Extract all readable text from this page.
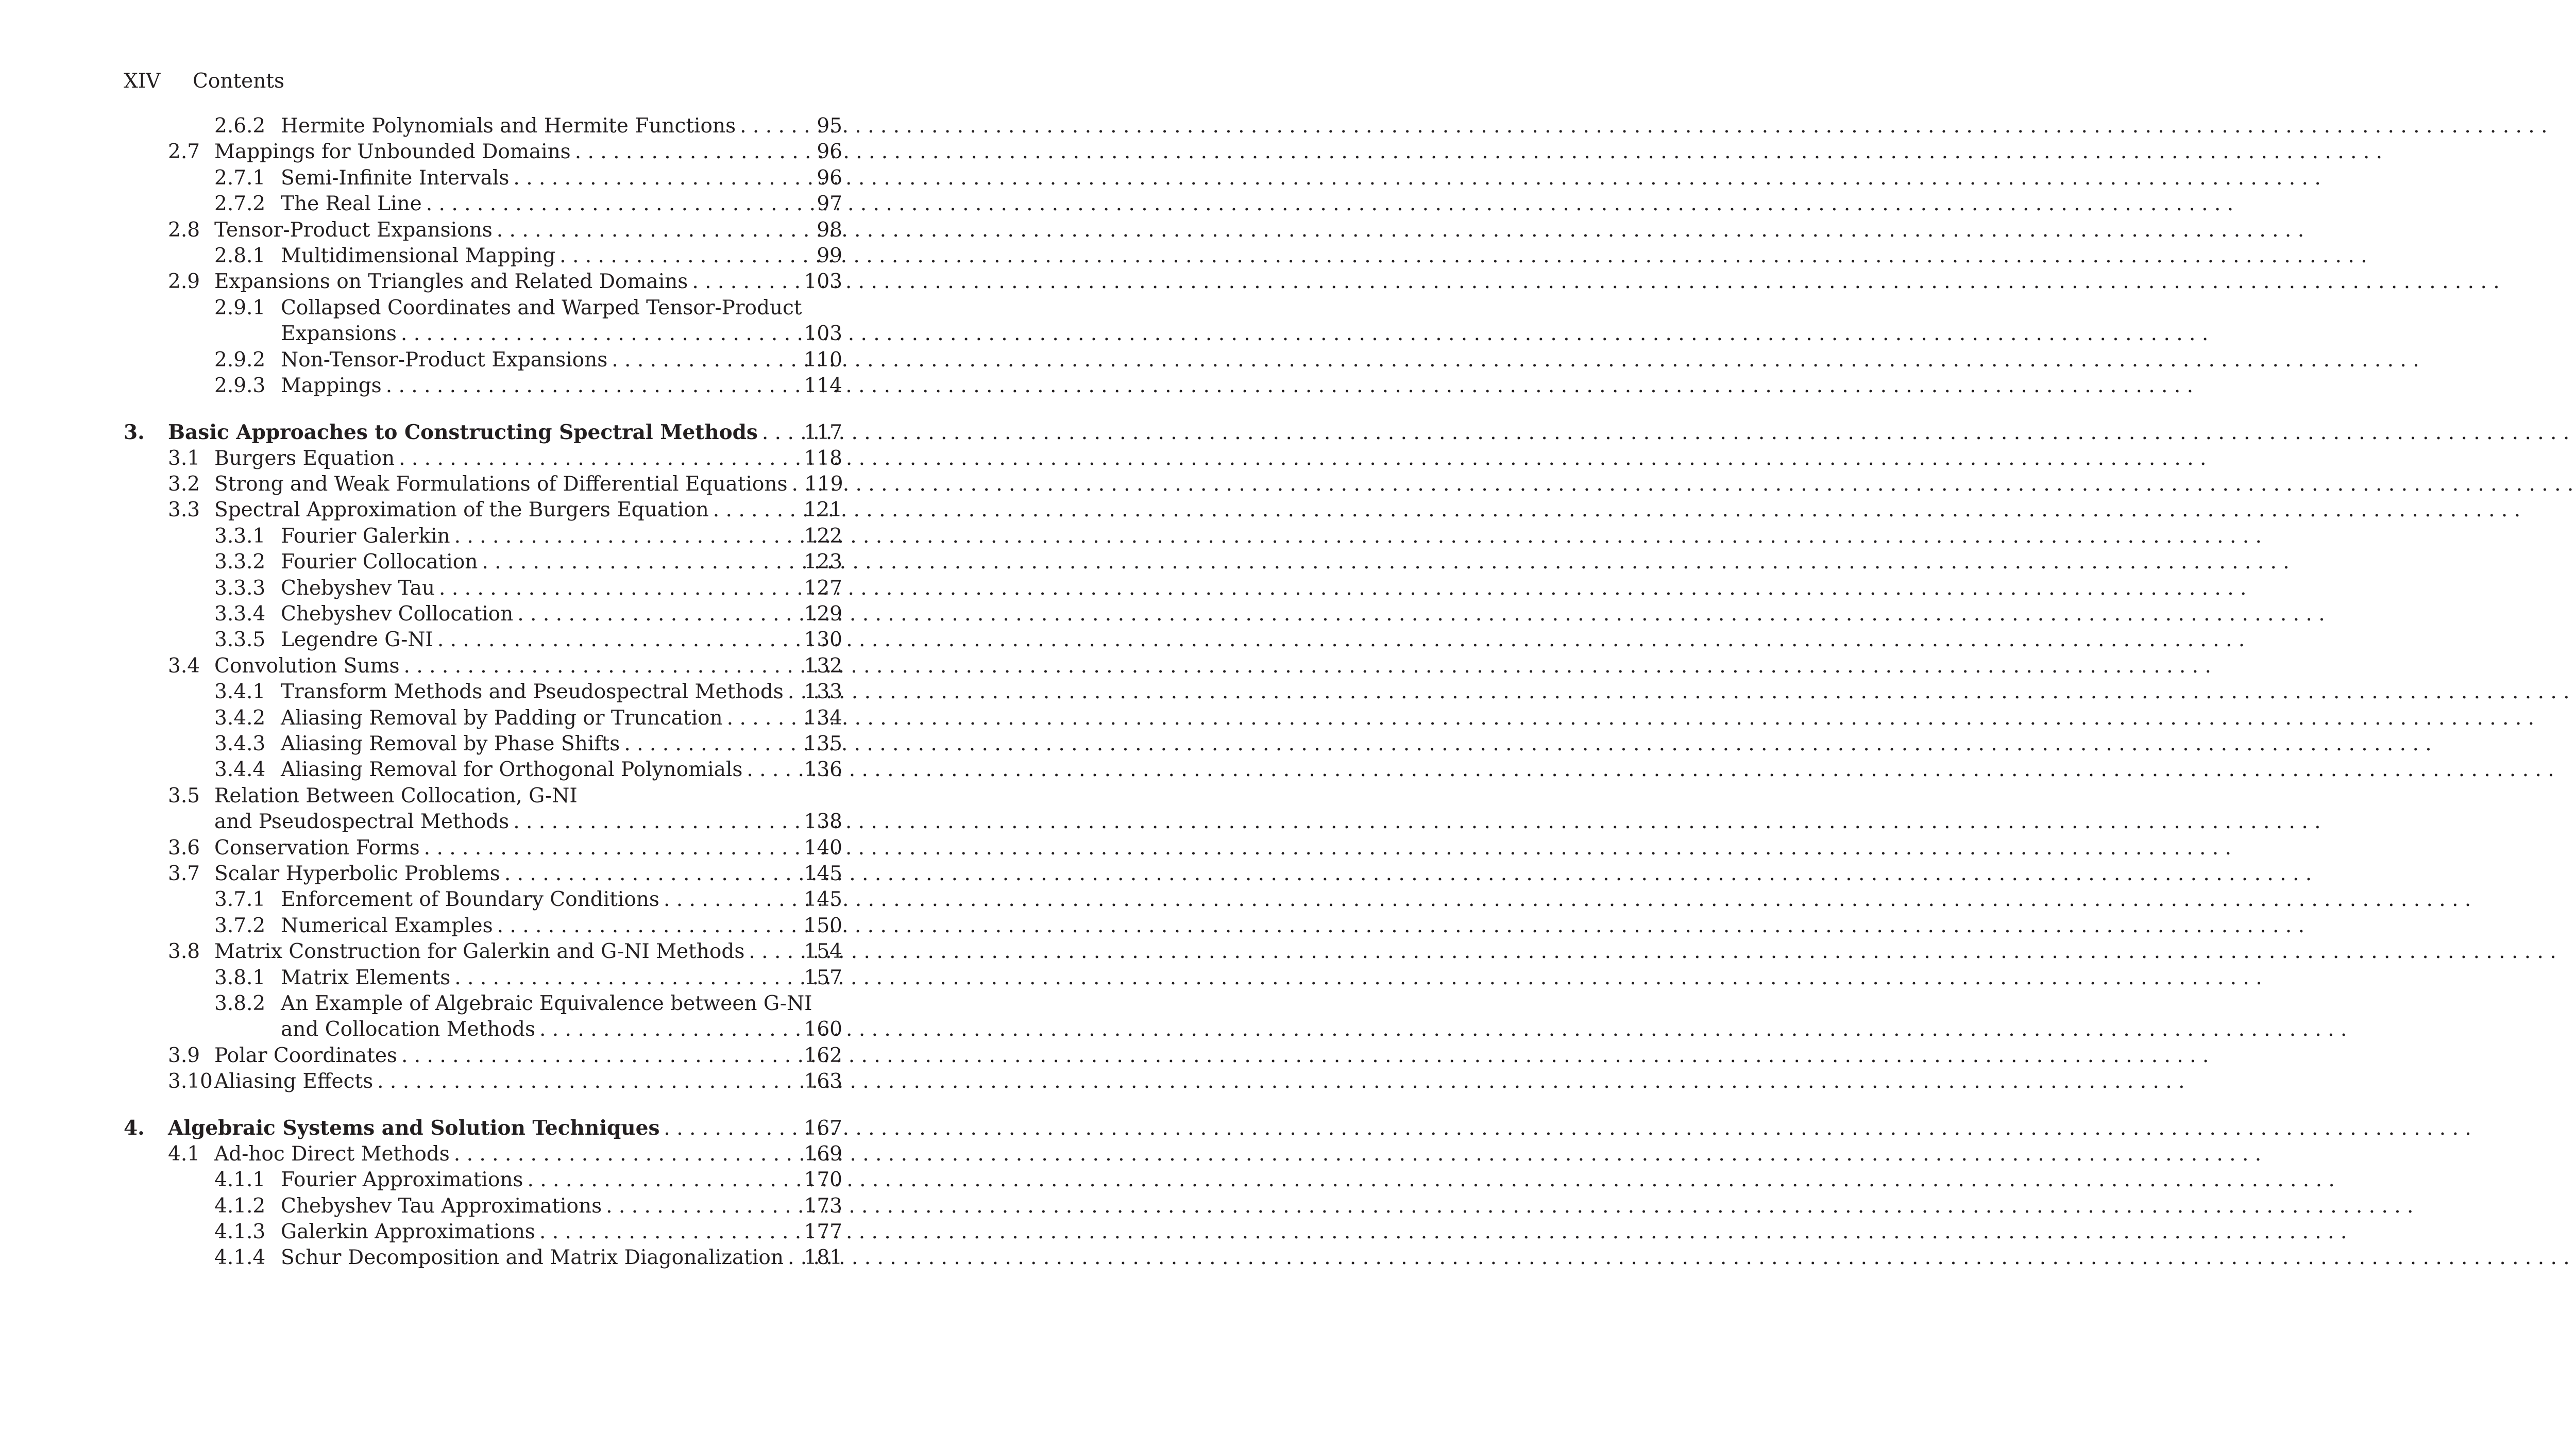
XIV Contents
2.6.2 Hermite Polynomials and Hermite Functions . . .	95
2.7 Mappings for Unbounded Domains . . .	96
2.7.1 Semi-Infinite Intervals . . .	96
2.7.2 The Real Line . . .	97
2.8 Tensor-Product Expansions . . .	98
2.8.1 Multidimensional Mapping . . .	99
2.9 Expansions on Triangles and Related Domains . . .	103
2.9.1 Collapsed Coordinates and Warped Tensor-Product
Expansions . . .	103
2.9.2 Non-Tensor-Product Expansions . . .	110
2.9.3 Mappings . . .	114
3. Basic Approaches to Constructing Spectral Methods . . . 117
3.1 Burgers Equation . . .	118
3.2 Strong and Weak Formulations of Differential Equations . . . 119
3.3 Spectral Approximation of the Burgers Equation . . .	121
3.3.1 Fourier Galerkin . . .	122
3.3.2 Fourier Collocation . . .	123
3.3.3 Chebyshev Tau . . .	127
3.3.4 Chebyshev Collocation . . .	129
3.3.5 Legendre G-NI . . .	130
3.4 Convolution Sums . . .	132
3.4.1 Transform Methods and Pseudospectral Methods . . . 133
3.4.2 Aliasing Removal by Padding or Truncation . . .	134
3.4.3 Aliasing Removal by Phase Shifts . . .	135
3.4.4 Aliasing Removal for Orthogonal Polynomials . . .	136
3.5 Relation Between Collocation, G-NI
and Pseudospectral Methods . . .	138
3.6 Conservation Forms . . .	140
3.7 Scalar Hyperbolic Problems . . .	145
3.7.1 Enforcement of Boundary Conditions . . .	145
3.7.2 Numerical Examples . . .	150
3.8 Matrix Construction for Galerkin and G-NI Methods . . .	154
3.8.1 Matrix Elements . . .	157
3.8.2 An Example of Algebraic Equivalence between G-NI
and Collocation Methods . . .	160
3.9 Polar Coordinates . . .	162
3.10 Aliasing Effects . . .	163
4. Algebraic Systems and Solution Techniques . . .	167
4.1 Ad-hoc Direct Methods . . .	169
4.1.1 Fourier Approximations . . .	170
4.1.2 Chebyshev Tau Approximations . . .	173
4.1.3 Galerkin Approximations . . .	177
4.1.4 Schur Decomposition and Matrix Diagonalization . . . 181
